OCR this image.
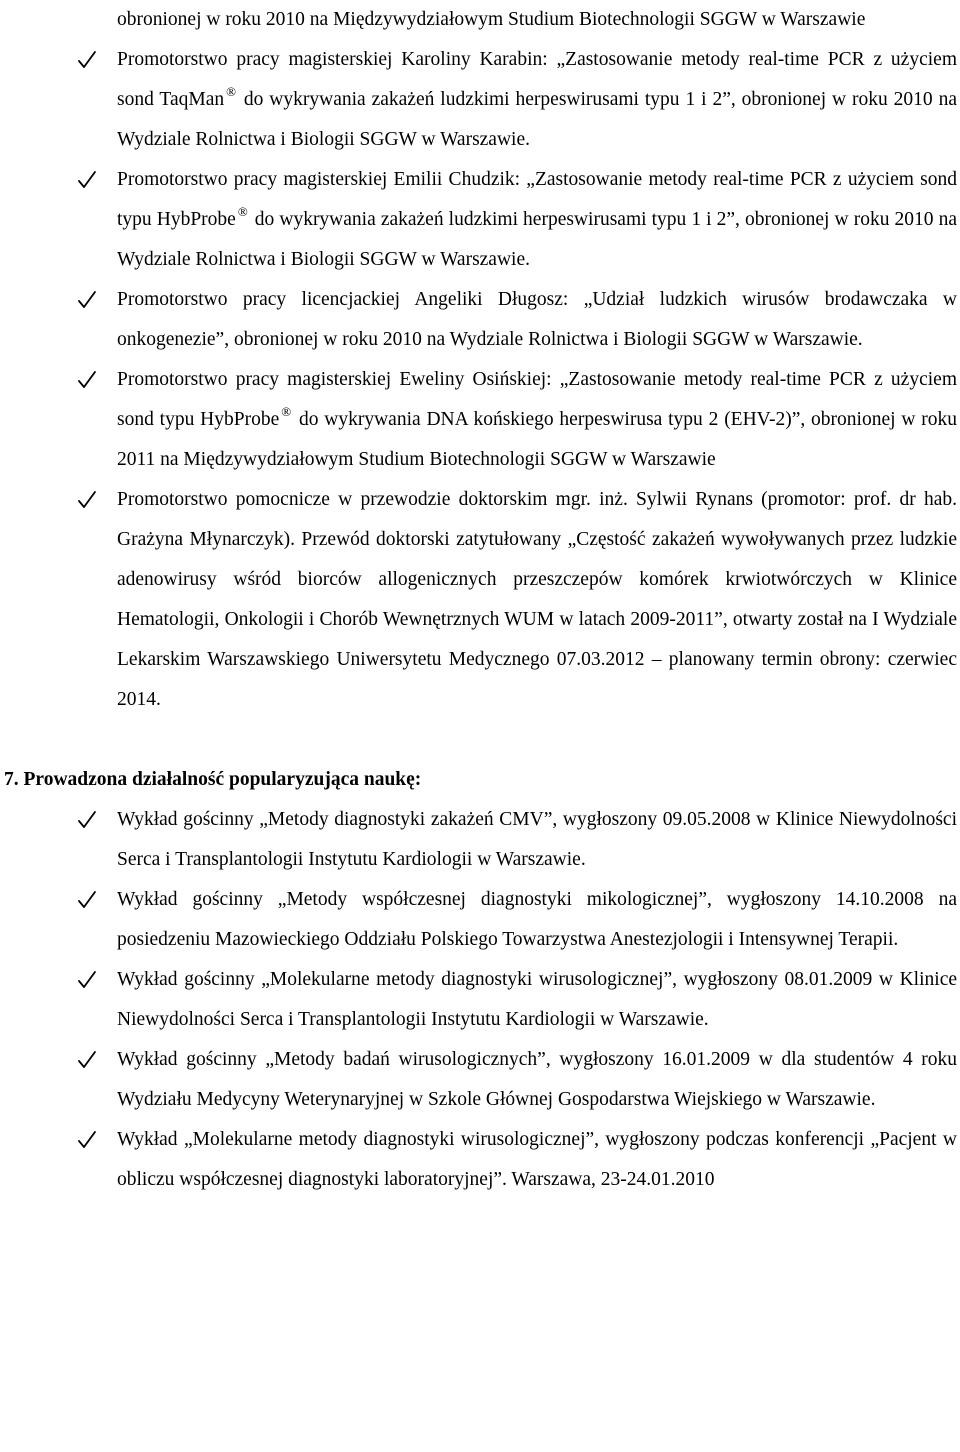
obronionej w roku 2010 na Międzywydziałowym Studium Biotechnologii SGGW w Warszawie

Promotorstwo pracy magisterskiej Karoliny Karabin: „Zastosowanie metody real-time PCR z użyciem sond TaqMan ® do wykrywania zakażeń ludzkimi herpeswirusami typu 1 i 2”, obronionej w roku 2010 na Wydziale Rolnictwa i Biologii SGGW w Warszawie.
Promotorstwo pracy magisterskiej Emilii Chudzik: „Zastosowanie metody real-time PCR z użyciem sond typu HybProbe ® do wykrywania zakażeń ludzkimi herpeswirusami typu 1 i 2”, obronionej w roku 2010 na Wydziale Rolnictwa i Biologii SGGW w Warszawie.
Promotorstwo pracy licencjackiej Angeliki Długosz: „Udział ludzkich wirusów brodawczaka w onkogenezie”, obronionej w roku 2010 na Wydziale Rolnictwa i Biologii SGGW w Warszawie.
Promotorstwo pracy magisterskiej Eweliny Osińskiej: „Zastosowanie metody real-time PCR z użyciem sond typu HybProbe ® do wykrywania DNA końskiego herpeswirusa typu 2 (EHV-2)”, obronionej w roku 2011 na Międzywydziałowym Studium Biotechnologii SGGW w Warszawie
Promotorstwo pomocnicze w przewodzie doktorskim mgr. inż. Sylwii Rynans (promotor: prof. dr hab. Grażyna Młynarczyk). Przewód doktorski zatytułowany „Częstość zakażeń wywoływanych przez ludzkie adenowirusy wśród biorców allogenicznych przeszczepów komórek krwiotwórczych w Klinice Hematologii, Onkologii i Chorób Wewnętrznych WUM w latach 2009-2011”, otwarty został na I Wydziale Lekarskim Warszawskiego Uniwersytetu Medycznego 07.03.2012 – planowany termin obrony: czerwiec 2014.
7. Prowadzona działalność popularyzująca naukę:
Wykład gościnny „Metody diagnostyki zakażeń CMV”, wygłoszony 09.05.2008 w Klinice Niewydolności Serca i Transplantologii Instytutu Kardiologii w Warszawie.
Wykład gościnny „Metody współczesnej diagnostyki mikologicznej”, wygłoszony 14.10.2008 na posiedzeniu Mazowieckiego Oddziału Polskiego Towarzystwa Anestezjologii i Intensywnej Terapii.
Wykład gościnny „Molekularne metody diagnostyki wirusologicznej”, wygłoszony 08.01.2009 w Klinice Niewydolności Serca i Transplantologii Instytutu Kardiologii w Warszawie.
Wykład gościnny „Metody badań wirusologicznych”, wygłoszony 16.01.2009 w dla studentów 4 roku Wydziału Medycyny Weterynaryjnej w Szkole Głównej Gospodarstwa Wiejskiego w Warszawie.
Wykład „Molekularne metody diagnostyki wirusologicznej”, wygłoszony podczas konferencji „Pacjent w obliczu współczesnej diagnostyki laboratoryjnej”. Warszawa, 23-24.01.2010
